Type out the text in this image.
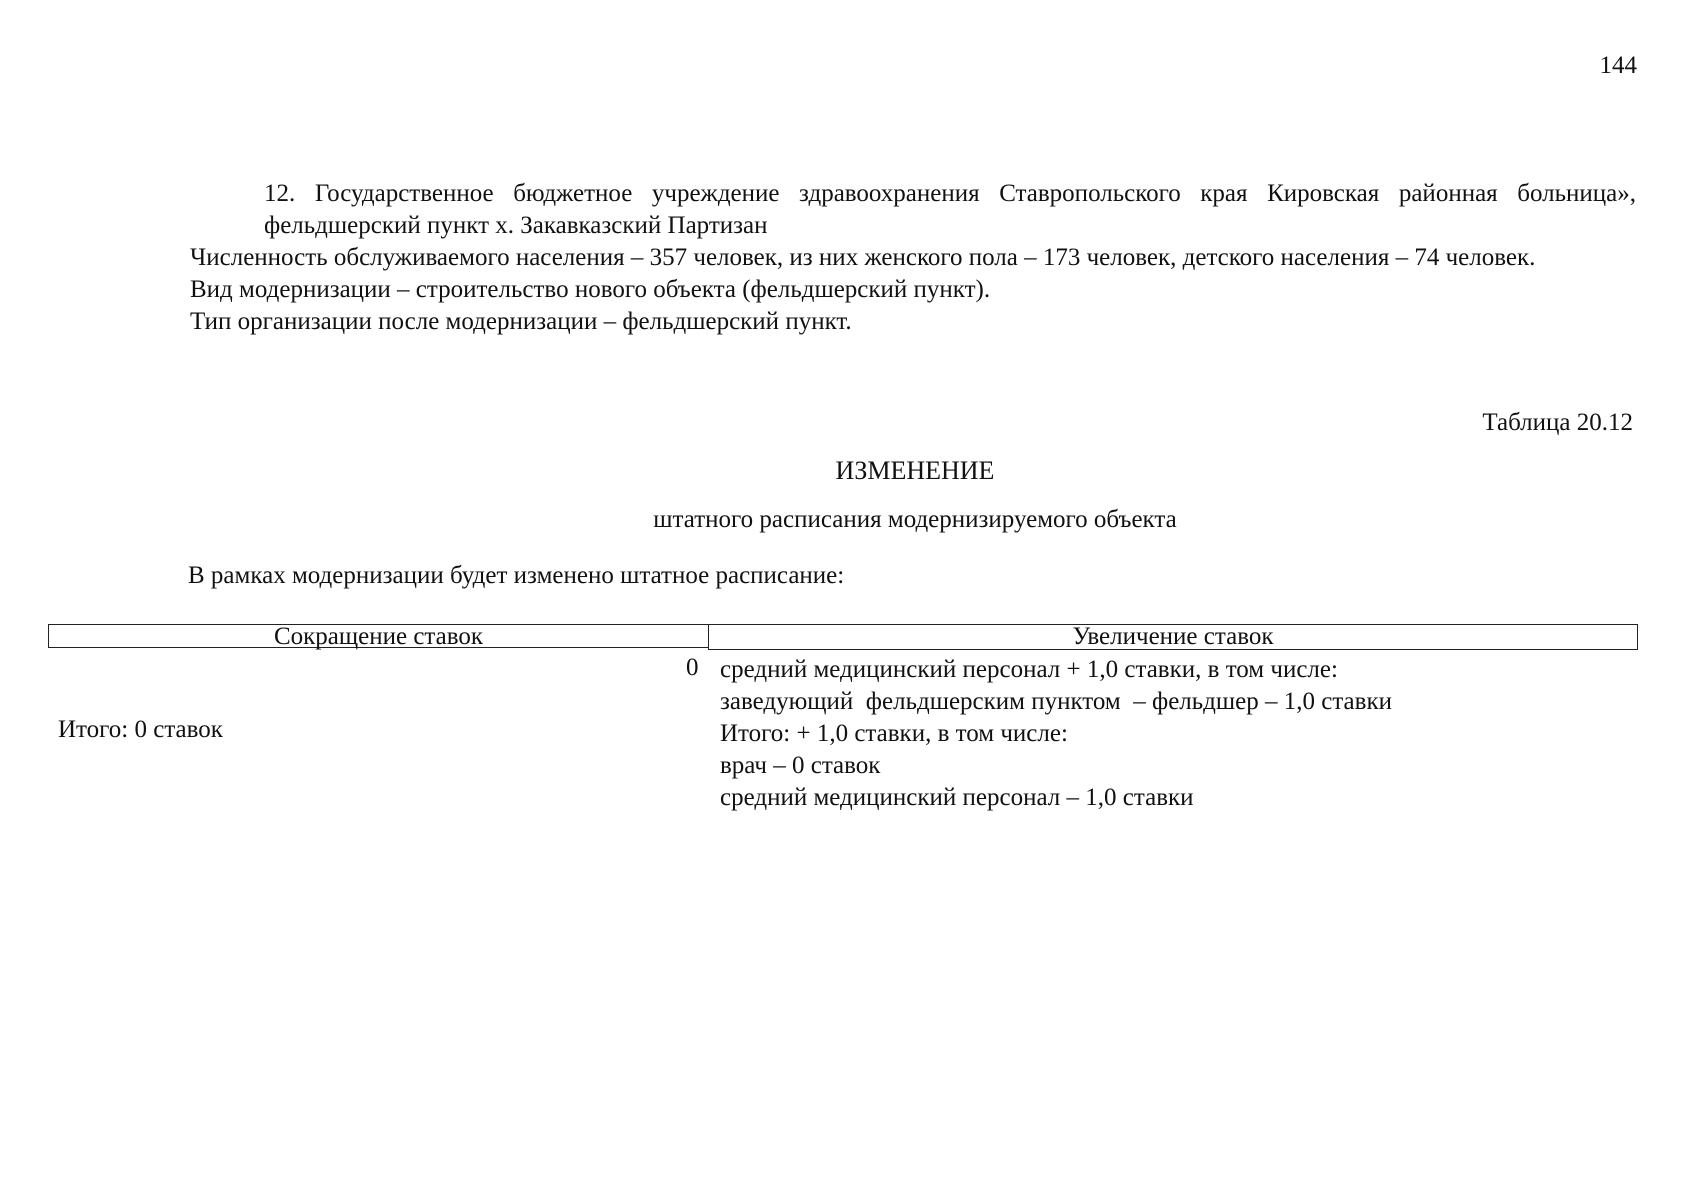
144

12. Государственное бюджетное учреждение здравоохранения Ставропольского края Кировская районная больница», фельдшерский пункт х. Закавказский Партизан

Численность обслуживаемого населения – 357 человек, из них женского пола – 173 человек, детского населения – 74 человек.

Вид модернизации – строительство нового объекта (фельдшерский пункт).

Тип организации после модернизации – фельдшерский пункт.

Таблица 20.12
ИЗМЕНЕНИЕ
штатного расписания модернизируемого объекта
В рамках модернизации будет изменено штатное расписание:
Сокращение ставок	Увеличение ставок
0
Итого: 0 ставок
средний медицинский персонал + 1,0 ставки, в том числе:
заведующий  фельдшерским пунктом  – фельдшер – 1,0 ставки
Итого: + 1,0 ставки, в том числе:
врач – 0 ставок
средний медицинский персонал – 1,0 ставки
